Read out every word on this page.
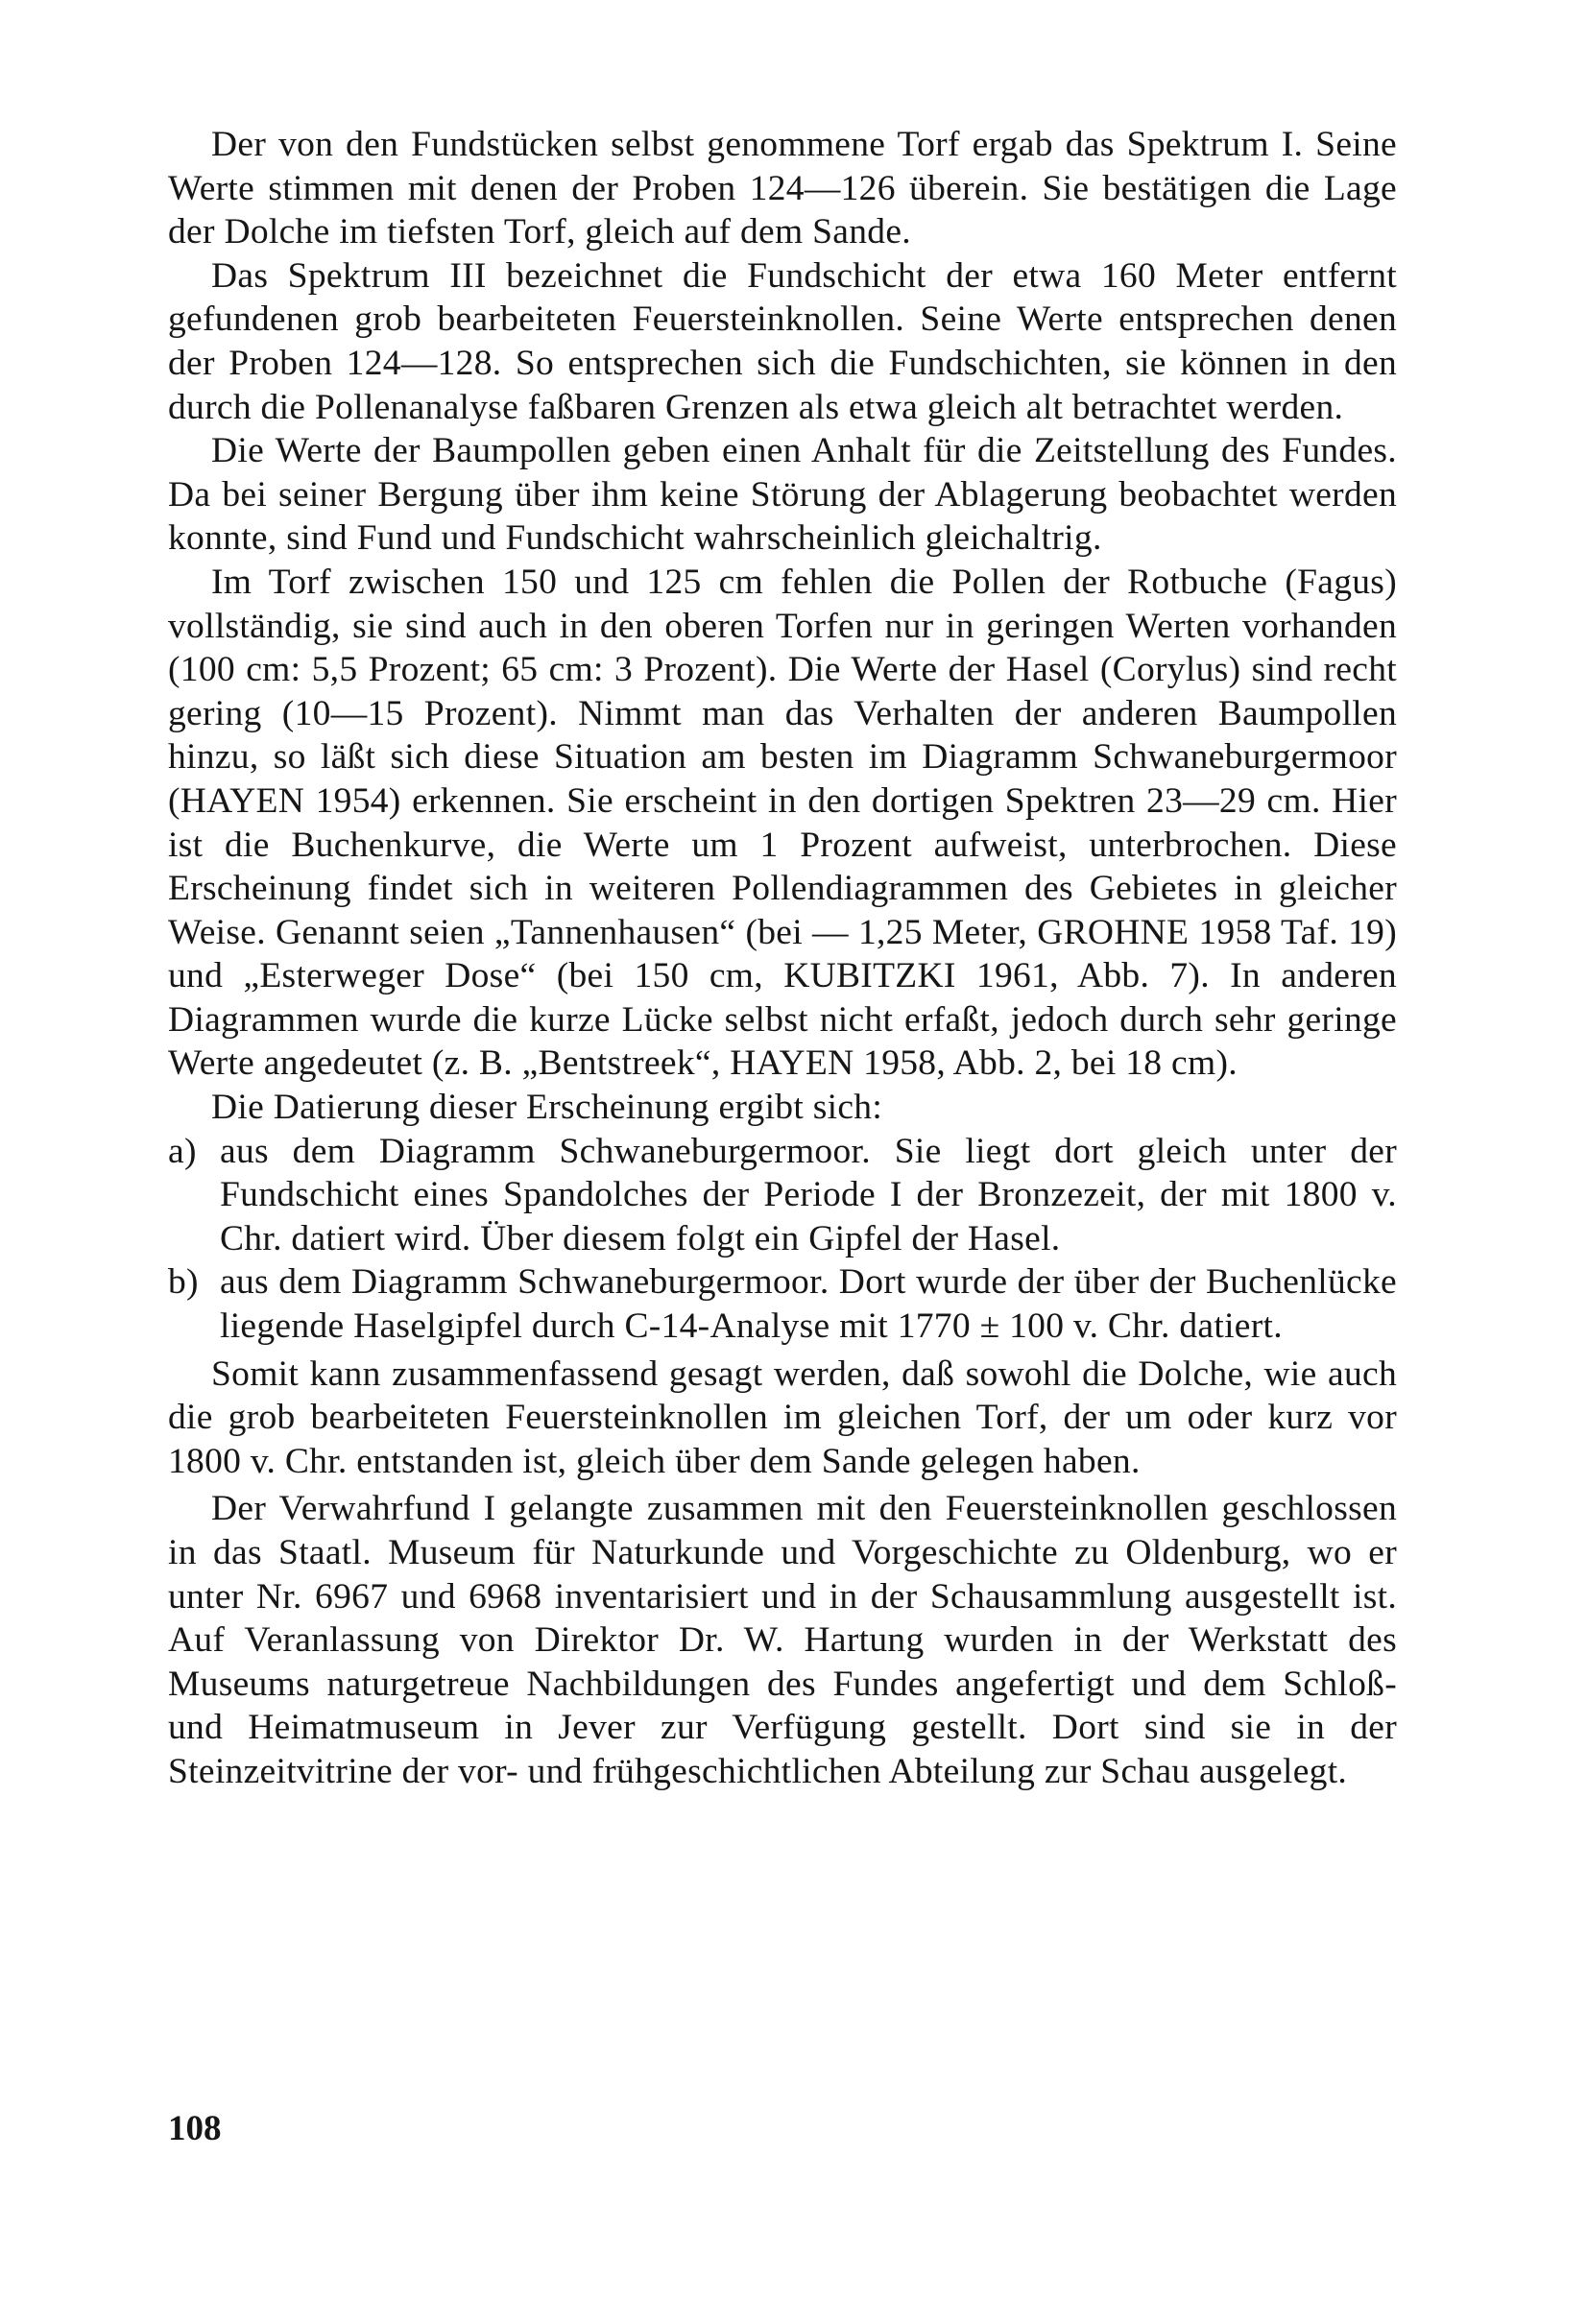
Der von den Fundstücken selbst genommene Torf ergab das Spektrum I. Seine Werte stimmen mit denen der Proben 124—126 überein. Sie bestätigen die Lage der Dolche im tiefsten Torf, gleich auf dem Sande.

Das Spektrum III bezeichnet die Fundschicht der etwa 160 Meter entfernt gefundenen grob bearbeiteten Feuersteinknollen. Seine Werte entsprechen denen der Proben 124—128. So entsprechen sich die Fundschichten, sie können in den durch die Pollenanalyse faßbaren Grenzen als etwa gleich alt betrachtet werden.

Die Werte der Baumpollen geben einen Anhalt für die Zeitstellung des Fundes. Da bei seiner Bergung über ihm keine Störung der Ablagerung beobachtet werden konnte, sind Fund und Fundschicht wahrscheinlich gleichaltrig.

Im Torf zwischen 150 und 125 cm fehlen die Pollen der Rotbuche (Fagus) vollständig, sie sind auch in den oberen Torfen nur in geringen Werten vorhanden (100 cm: 5,5 Prozent; 65 cm: 3 Prozent). Die Werte der Hasel (Corylus) sind recht gering (10—15 Prozent). Nimmt man das Verhalten der anderen Baumpollen hinzu, so läßt sich diese Situation am besten im Diagramm Schwaneburgermoor (HAYEN 1954) erkennen. Sie erscheint in den dortigen Spektren 23—29 cm. Hier ist die Buchenkurve, die Werte um 1 Prozent aufweist, unterbrochen. Diese Erscheinung findet sich in weiteren Pollendiagrammen des Gebietes in gleicher Weise. Genannt seien „Tannenhausen“ (bei — 1,25 Meter, GROHNE 1958 Taf. 19) und „Esterweger Dose“ (bei 150 cm, KUBITZKI 1961, Abb. 7). In anderen Diagrammen wurde die kurze Lücke selbst nicht erfaßt, jedoch durch sehr geringe Werte angedeutet (z. B. „Bentstreek“, HAYEN 1958, Abb. 2, bei 18 cm).

Die Datierung dieser Erscheinung ergibt sich:

a) aus dem Diagramm Schwaneburgermoor. Sie liegt dort gleich unter der Fundschicht eines Spandolches der Periode I der Bronzezeit, der mit 1800 v. Chr. datiert wird. Über diesem folgt ein Gipfel der Hasel.
b) aus dem Diagramm Schwaneburgermoor. Dort wurde der über der Buchenlücke liegende Haselgipfel durch C-14-Analyse mit 1770 ± 100 v. Chr. datiert.

Somit kann zusammenfassend gesagt werden, daß sowohl die Dolche, wie auch die grob bearbeiteten Feuersteinknollen im gleichen Torf, der um oder kurz vor 1800 v. Chr. entstanden ist, gleich über dem Sande gelegen haben.

Der Verwahrfund I gelangte zusammen mit den Feuersteinknollen geschlossen in das Staatl. Museum für Naturkunde und Vorgeschichte zu Oldenburg, wo er unter Nr. 6967 und 6968 inventarisiert und in der Schausammlung ausgestellt ist. Auf Veranlassung von Direktor Dr. W. Hartung wurden in der Werkstatt des Museums naturgetreue Nachbildungen des Fundes angefertigt und dem Schloß- und Heimatmuseum in Jever zur Verfügung gestellt. Dort sind sie in der Steinzeitvitrine der vor- und frühgeschichtlichen Abteilung zur Schau ausgelegt.

108
